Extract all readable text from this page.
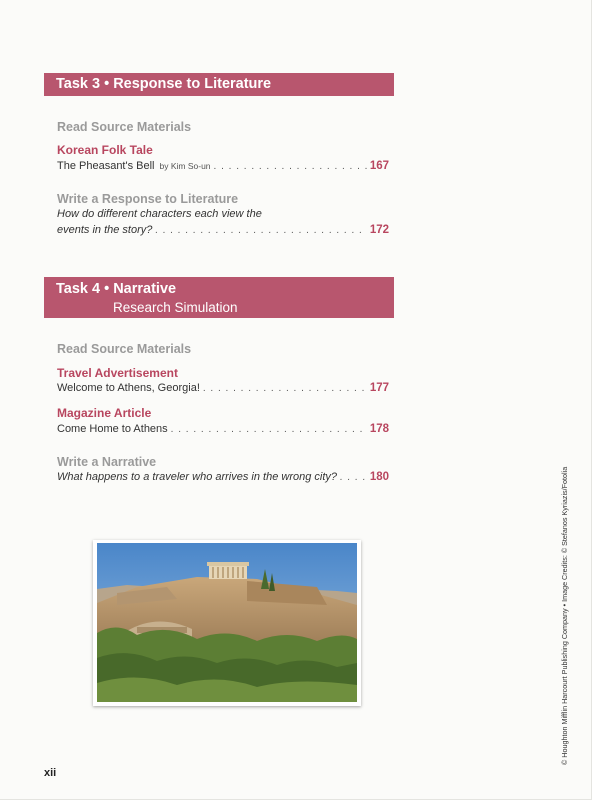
Task 3 • Response to Literature
Read Source Materials
Korean Folk Tale
The Pheasant's Bell by Kim So-un . . .	167
Write a Response to Literature
How do different characters each view the
events in the story? . . .	172
Task 4 • Narrative
Research Simulation
Read Source Materials
Travel Advertisement
Welcome to Athens, Georgia! . . .	177
Magazine Article
Come Home to Athens . . .	178
Write a Narrative
What happens to a traveler who arrives in the wrong city? . . .	180	© Houghton Mifflin Harcourt Publishing Company • Image Credits: © Stefanos Kyriazis/Fotolia
xii
